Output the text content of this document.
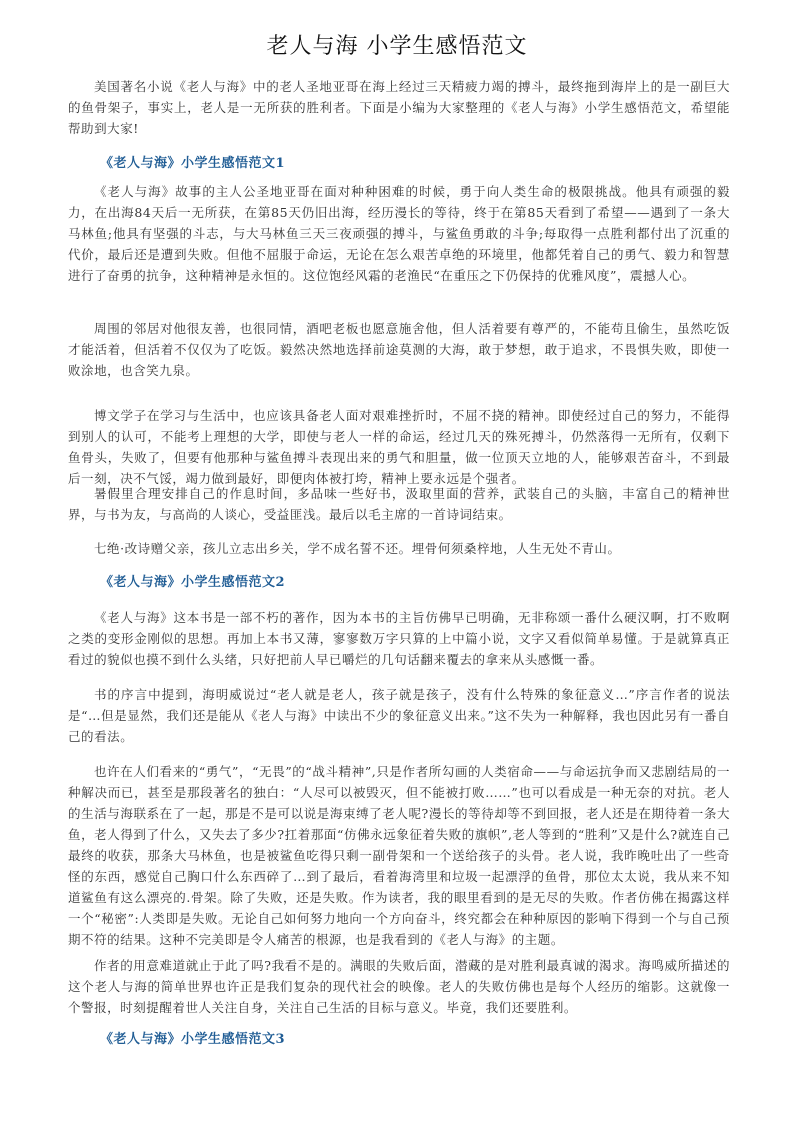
老人与海 小学生感悟范文

美国著名小说《老人与海》中的老人圣地亚哥在海上经过三天精疲力竭的搏斗，最终拖到海岸上的是一副巨大的鱼骨架子，事实上，老人是一无所获的胜利者。下面是小编为大家整理的《老人与海》小学生感悟范文，希望能帮助到大家!

《老人与海》小学生感悟范文1

《老人与海》故事的主人公圣地亚哥在面对种种困难的时候，勇于向人类生命的极限挑战。他具有顽强的毅力，在出海84天后一无所获，在第85天仍旧出海，经历漫长的等待，终于在第85天看到了希望——遇到了一条大马林鱼;他具有坚强的斗志，与大马林鱼三天三夜顽强的搏斗，与鲨鱼勇敢的斗争;每取得一点胜利都付出了沉重的代价，最后还是遭到失败。但他不屈服于命运，无论在怎么艰苦卓绝的环境里，他都凭着自己的勇气、毅力和智慧进行了奋勇的抗争，这种精神是永恒的。这位饱经风霜的老渔民“在重压之下仍保持的优雅风度”，震撼人心。

周围的邻居对他很友善，也很同情，酒吧老板也愿意施舍他，但人活着要有尊严的，不能苟且偷生，虽然吃饭才能活着，但活着不仅仅为了吃饭。毅然决然地选择前途莫测的大海，敢于梦想，敢于追求，不畏惧失败，即使一败涂地，也含笑九泉。

博文学子在学习与生活中，也应该具备老人面对艰难挫折时，不屈不挠的精神。即使经过自己的努力，不能得到别人的认可，不能考上理想的大学，即使与老人一样的命运，经过几天的殊死搏斗，仍然落得一无所有，仅剩下鱼骨头，失败了，但要有他那种与鲨鱼搏斗表现出来的勇气和胆量，做一位顶天立地的人，能够艰苦奋斗，不到最后一刻，决不气馁，竭力做到最好，即便肉体被打垮，精神上要永远是个强者。

暑假里合理安排自己的作息时间，多品味一些好书，汲取里面的营养，武装自己的头脑，丰富自己的精神世界，与书为友，与高尚的人谈心，受益匪浅。最后以毛主席的一首诗词结束。

七绝·改诗赠父亲，孩儿立志出乡关，学不成名誓不还。埋骨何须桑梓地，人生无处不青山。

《老人与海》小学生感悟范文2

《老人与海》这本书是一部不朽的著作，因为本书的主旨仿佛早已明确，无非称颂一番什么硬汉啊，打不败啊之类的变形金刚似的思想。再加上本书又薄，寥寥数万字只算的上中篇小说，文字又看似简单易懂。于是就算真正看过的貌似也摸不到什么头绪，只好把前人早已嚼烂的几句话翻来覆去的拿来从头感慨一番。

书的序言中提到，海明威说过“老人就是老人，孩子就是孩子，没有什么特殊的象征意义…”序言作者的说法是“…但是显然，我们还是能从《老人与海》中读出不少的象征意义出来。”这不失为一种解释，我也因此另有一番自己的看法。

也许在人们看来的“勇气”，“无畏”的“战斗精神”,只是作者所勾画的人类宿命——与命运抗争而又悲剧结局的一种解决而已，甚至是那段著名的独白：“人尽可以被毁灭，但不能被打败……”也可以看成是一种无奈的对抗。老人的生活与海联系在了一起，那是不是可以说是海束缚了老人呢?漫长的等待却等不到回报，老人还是在期待着一条大鱼，老人得到了什么，又失去了多少?扛着那面“仿佛永远象征着失败的旗帜”,老人等到的“胜利”又是什么?就连自己最终的收获，那条大马林鱼，也是被鲨鱼吃得只剩一副骨架和一个送给孩子的头骨。老人说，我昨晚吐出了一些奇怪的东西，感觉自己胸口什么东西碎了…到了最后，看着海湾里和垃圾一起漂浮的鱼骨，那位太太说，我从来不知道鲨鱼有这么漂亮的.骨架。除了失败，还是失败。作为读者，我的眼里看到的是无尽的失败。作者仿佛在揭露这样一个“秘密”:人类即是失败。无论自己如何努力地向一个方向奋斗，终究都会在种种原因的影响下得到一个与自己预期不符的结果。这种不完美即是令人痛苦的根源，也是我看到的《老人与海》的主题。

作者的用意难道就止于此了吗?我看不是的。满眼的失败后面，潜藏的是对胜利最真诚的渴求。海鸣威所描述的这个老人与海的简单世界也许正是我们复杂的现代社会的映像。老人的失败仿佛也是每个人经历的缩影。这就像一个警报，时刻提醒着世人关注自身，关注自己生活的目标与意义。毕竟，我们还要胜利。

《老人与海》小学生感悟范文3
